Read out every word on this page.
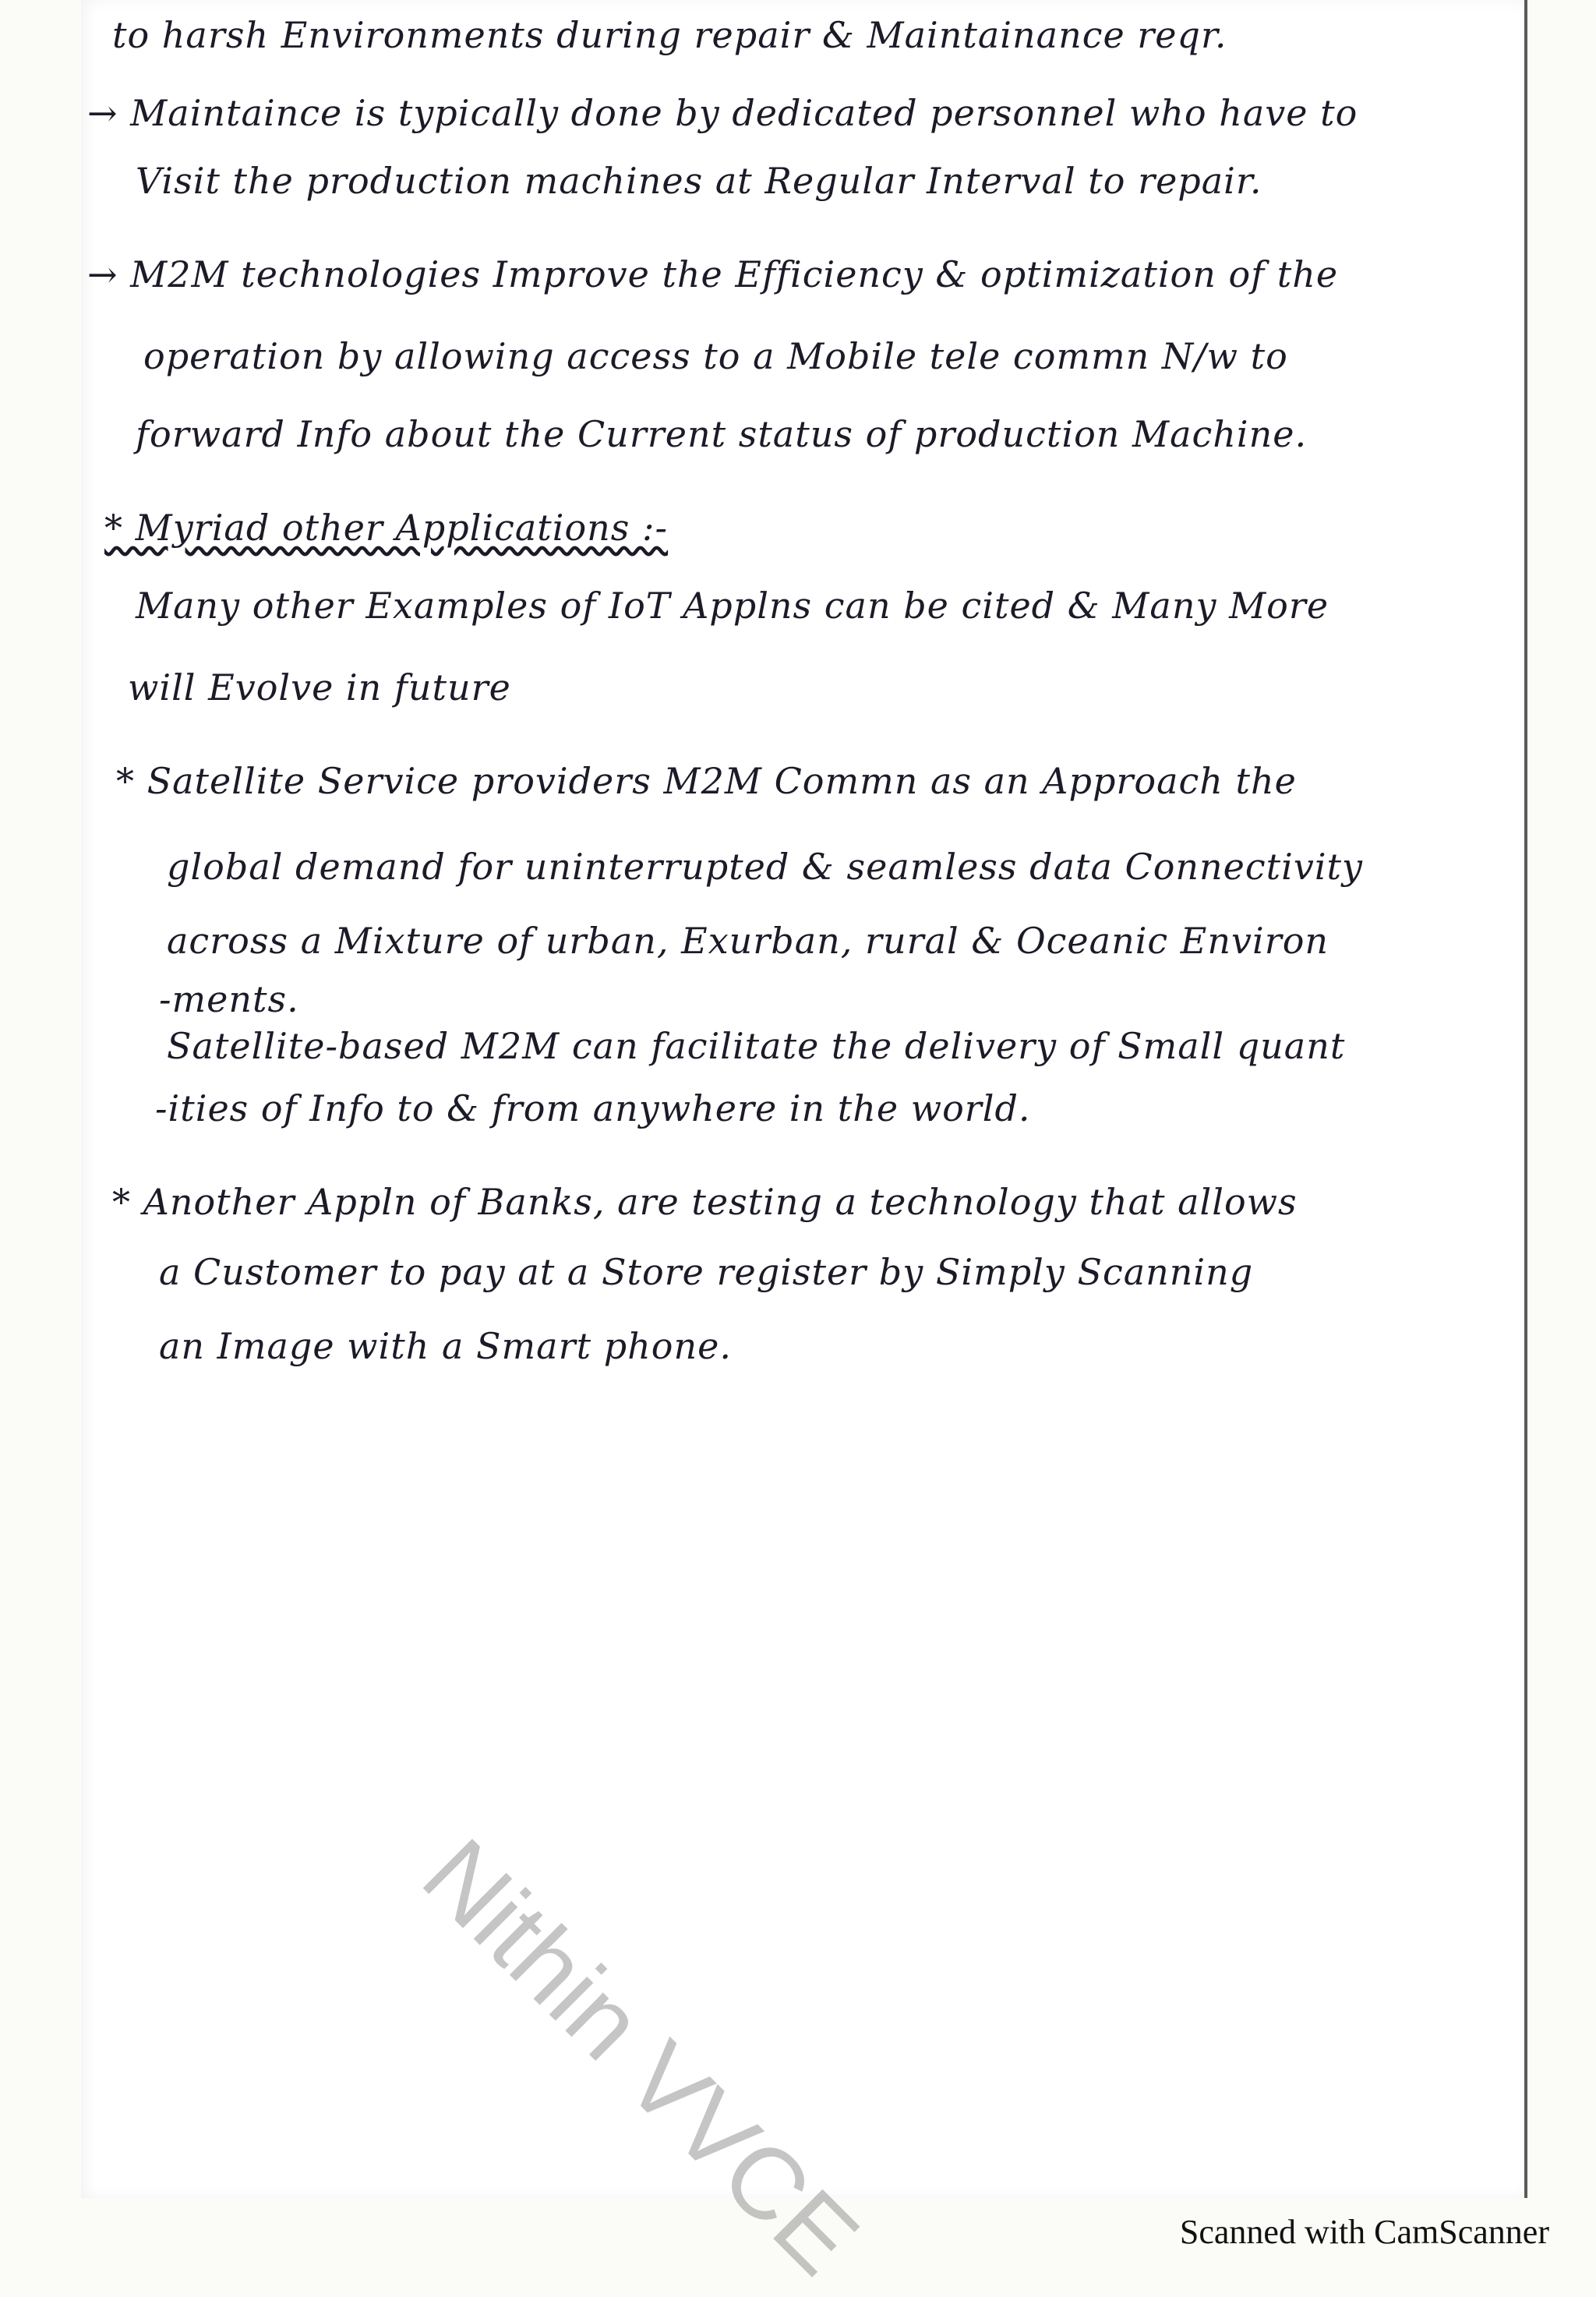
to harsh Environments during repair & Maintainance reqr.
→ Maintaince is typically done by dedicated personnel who have to
Visit the production machines at Regular Interval to repair.
→ M2M technologies Improve the Efficiency & optimization of the
operation by allowing access to a Mobile tele commn N/w to
forward Info about the Current status of production Machine.
* Myriad other Applications :-
Many other Examples of IoT Applns can be cited & Many More
will Evolve in future
* Satellite Service providers M2M Commn as an Approach the
global demand for uninterrupted & seamless data Connectivity
across a Mixture of urban, Exurban, rural & Oceanic Environ
-ments.
Satellite-based M2M can facilitate the delivery of Small quant
-ities of Info to & from anywhere in the world.
* Another Appln of Banks, are testing a technology that allows
a Customer to pay at a Store register by Simply Scanning
an Image with a Smart phone.
Nithin VVCE	Scanned with CamScanner
